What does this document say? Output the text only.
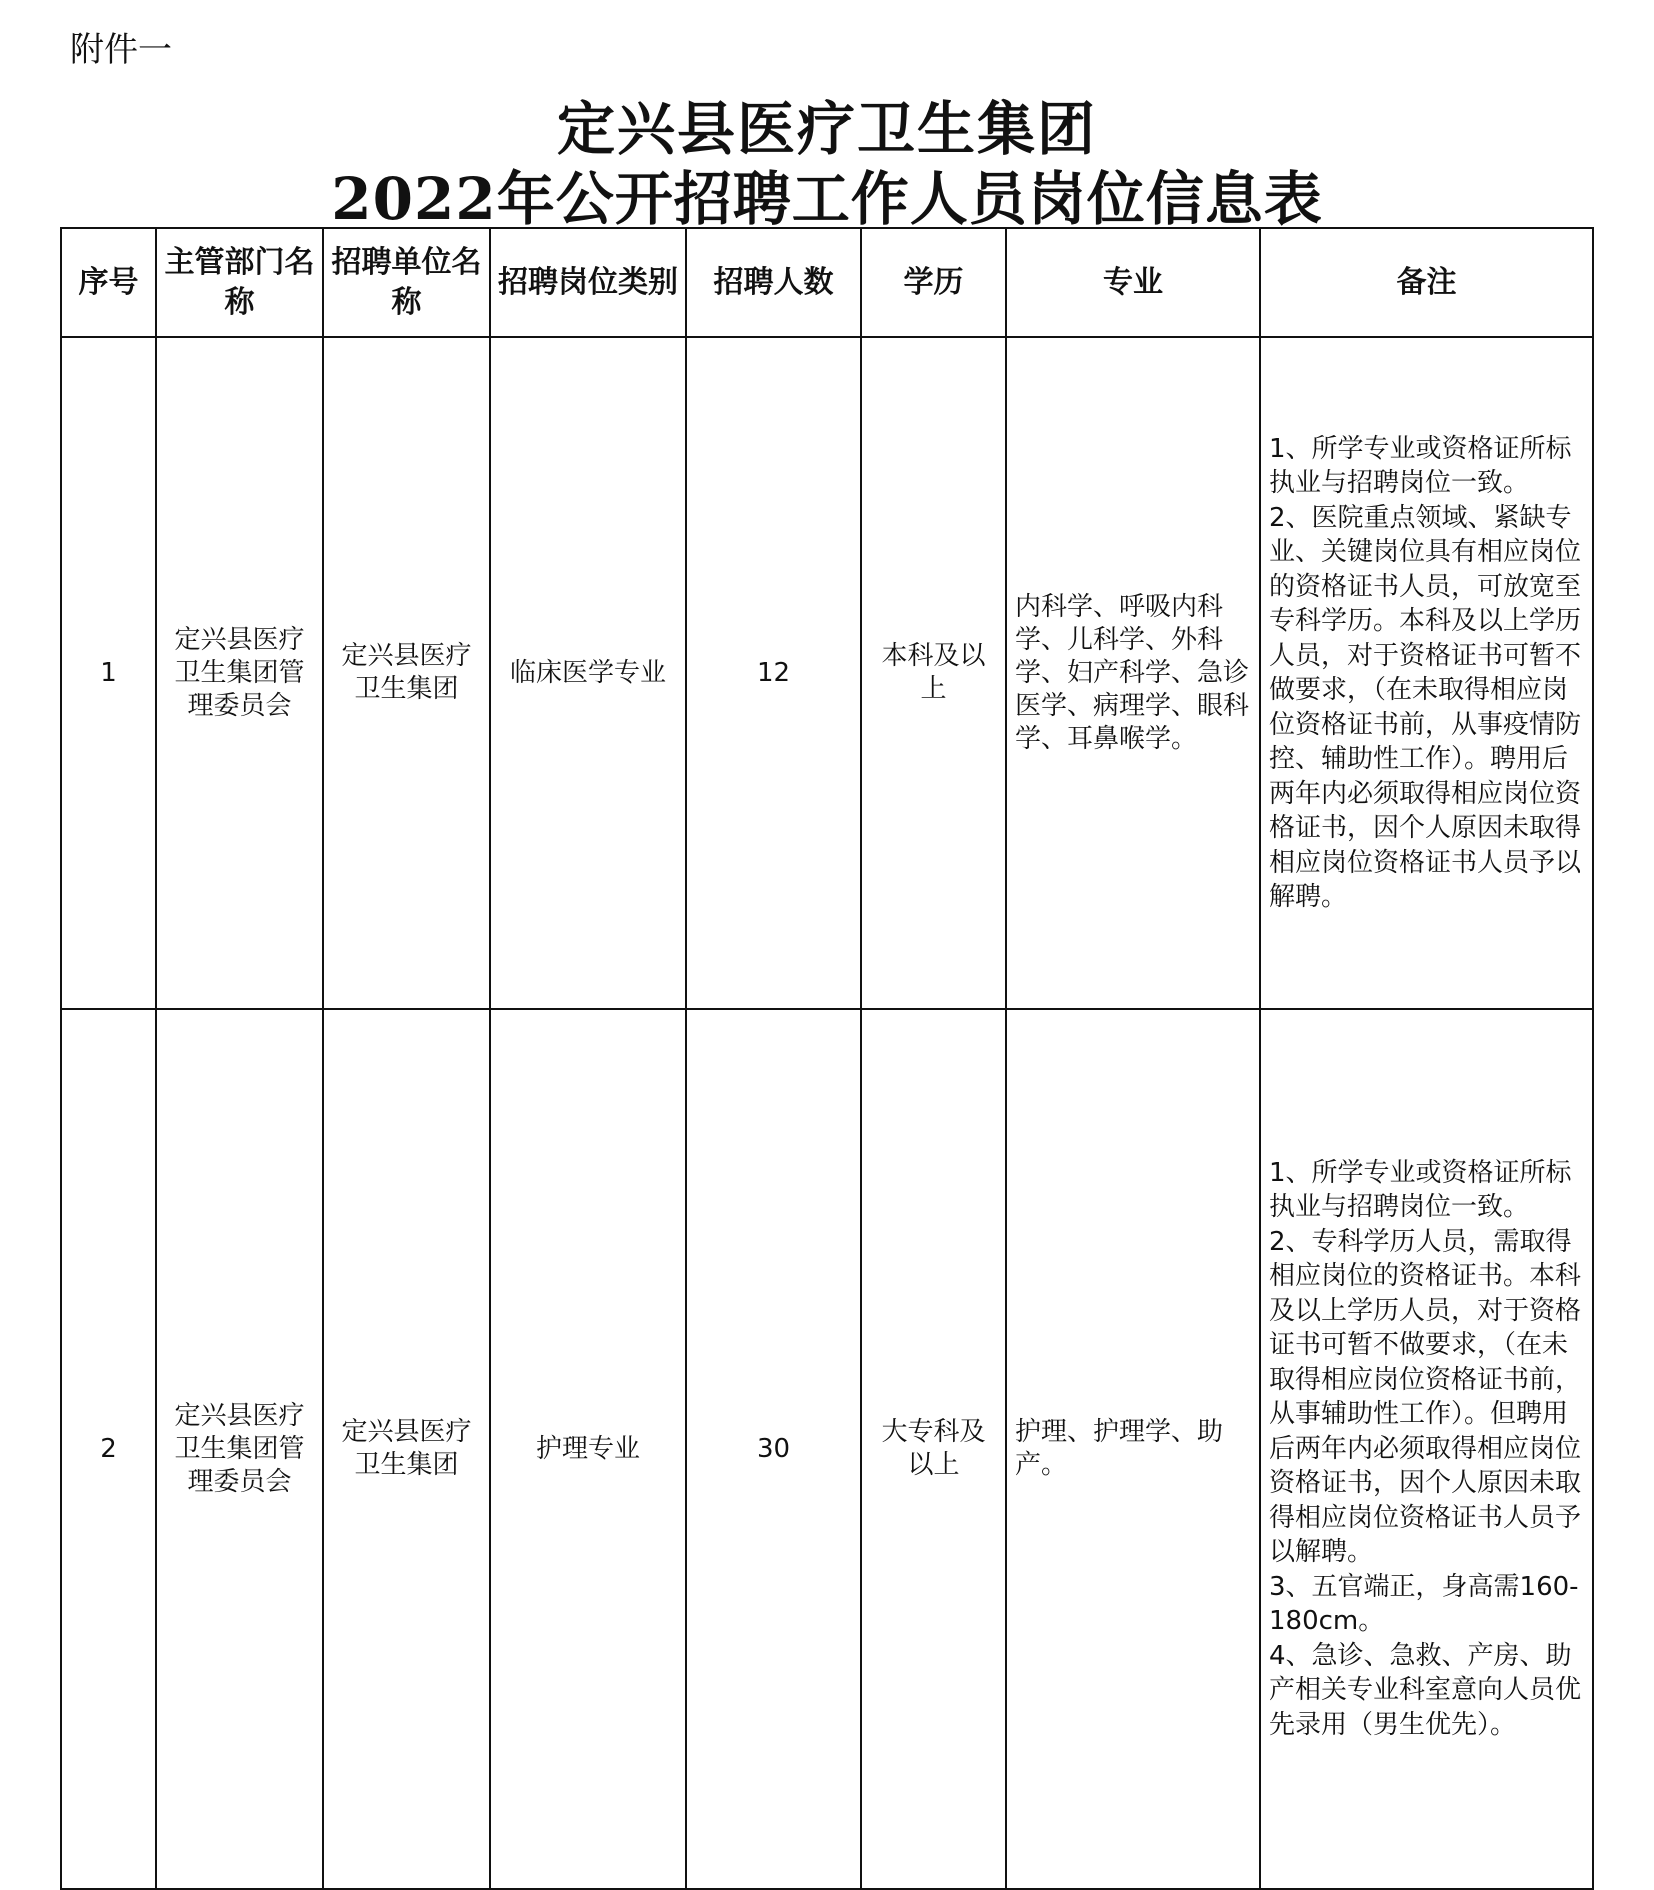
附件一
定兴县医疗卫生集团
2022年公开招聘工作人员岗位信息表
序号	主管部门名称	招聘单位名称	招聘岗位类别	招聘人数	学历	专业	备注
1	定兴县医疗卫生集团管理委员会	定兴县医疗卫生集团	临床医学专业	12	本科及以上	内科学、呼吸内科学、儿科学、外科学、妇产科学、急诊医学、病理学、眼科学、耳鼻喉学。	1、所学专业或资格证所标执业与招聘岗位一致。
2、医院重点领域、紧缺专业、关键岗位具有相应岗位的资格证书人员，可放宽至专科学历。本科及以上学历人员，对于资格证书可暂不做要求，（在未取得相应岗位资格证书前，从事疫情防控、辅助性工作）。聘用后两年内必须取得相应岗位资格证书，因个人原因未取得相应岗位资格证书人员予以解聘。
2	定兴县医疗卫生集团管理委员会	定兴县医疗卫生集团	护理专业	30	大专科及以上	护理、护理学、助产。	1、所学专业或资格证所标执业与招聘岗位一致。
2、专科学历人员，需取得相应岗位的资格证书。本科及以上学历人员，对于资格证书可暂不做要求，（在未取得相应岗位资格证书前，从事辅助性工作）。但聘用后两年内必须取得相应岗位资格证书，因个人原因未取得相应岗位资格证书人员予以解聘。
3、五官端正，身高需160-180cm。
4、急诊、急救、产房、助产相关专业科室意向人员优先录用（男生优先）。
